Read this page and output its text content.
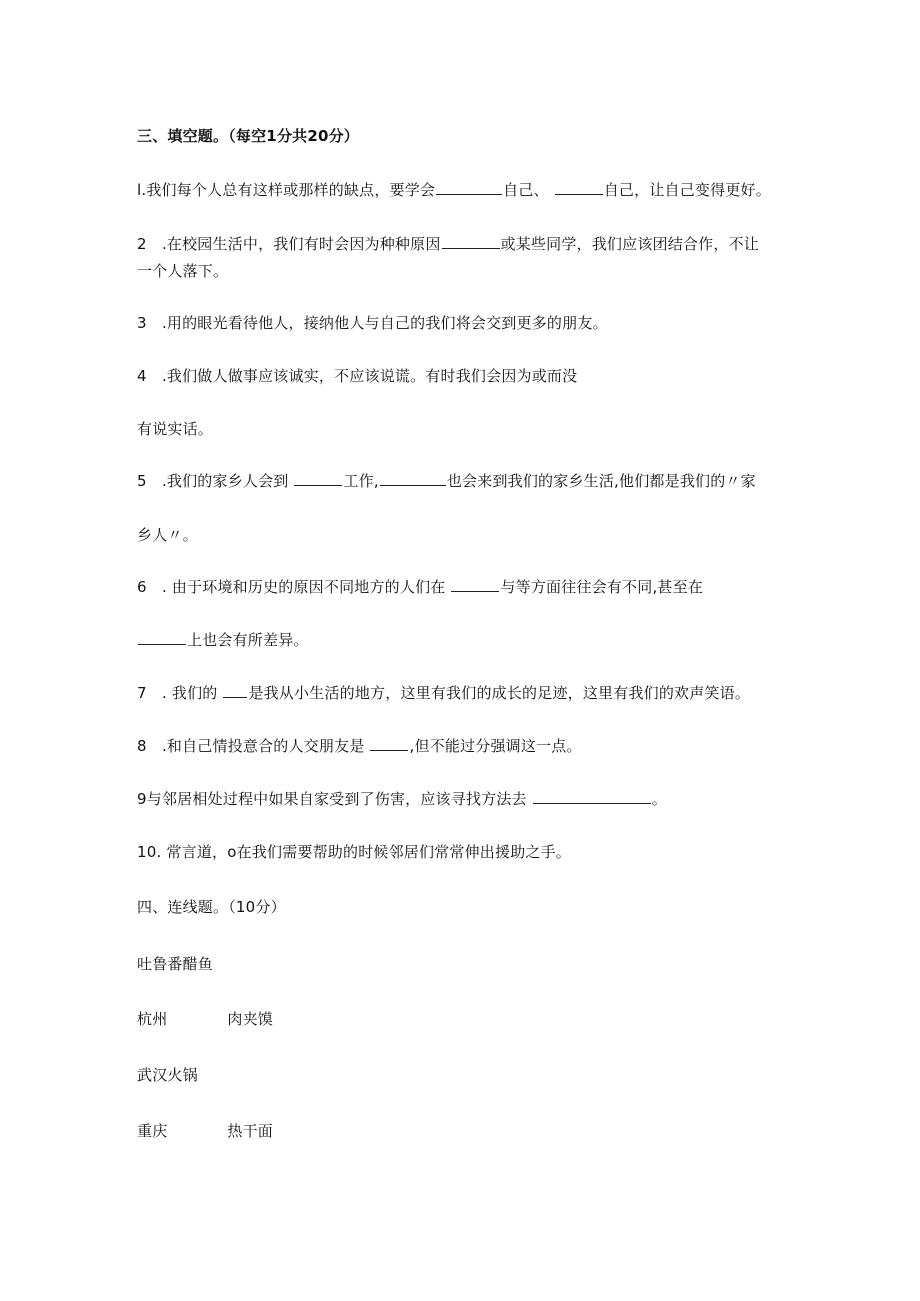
三、填空题。（每空1分共20分）
l.我们每个人总有这样或那样的缺点，要学会	自己、	自己，让自己变得更好。
2　.在校园生活中，我们有时会因为种种原因	或某些同学，我们应该团结合作，不让
一个人落下。
3　.用的眼光看待他人，接纳他人与自己的我们将会交到更多的朋友。
4　.我们做人做事应该诚实，不应该说谎。有时我们会因为或而没
有说实话。
5　.我们的家乡人会到	工作,	也会来到我们的家乡生活,他们都是我们的〃家
乡人〃。
6　. 由于环境和历史的原因不同地方的人们在	与等方面往往会有不同,甚至在
上也会有所差异。
7　. 我们的 是我从小生活的地方，这里有我们的成长的足迹，这里有我们的欢声笑语。
8　.和自己情投意合的人交朋友是	,但不能过分强调这一点。
9与邻居相处过程中如果自家受到了伤害，应该寻找方法去	。
10. 常言道，o在我们需要帮助的时候邻居们常常伸出援助之手。
四、连线题。（10分）
吐鲁番醋鱼
杭州	肉夹馍
武汉火锅
重庆	热干面
